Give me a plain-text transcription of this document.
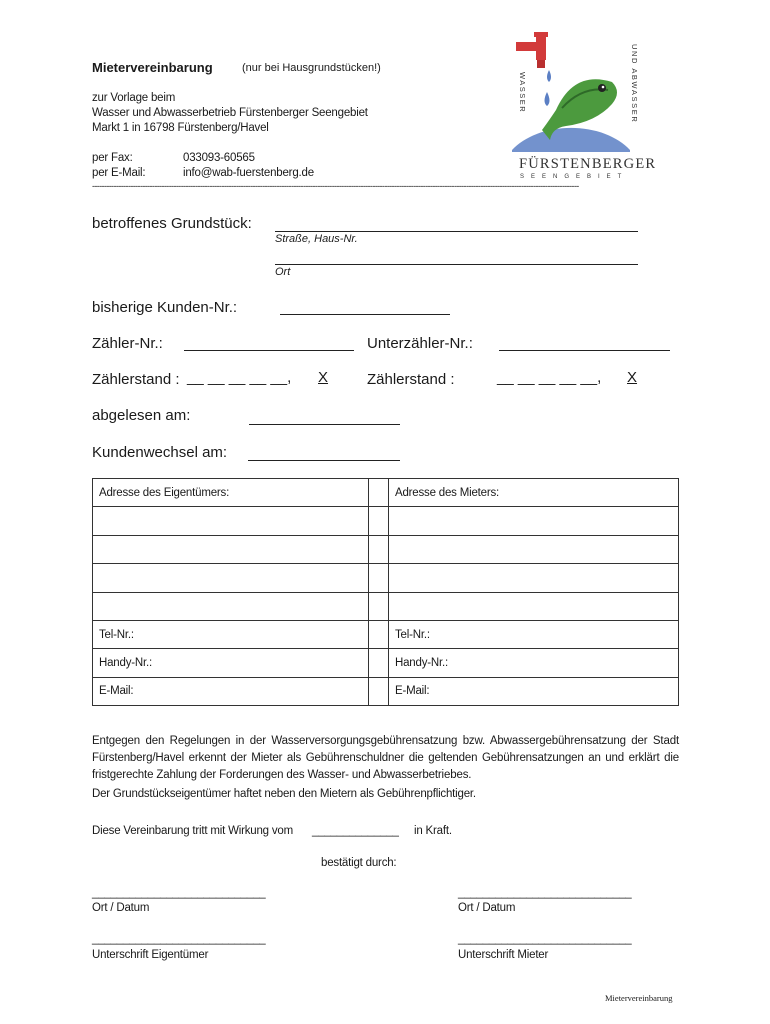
Mietervereinbarung	(nur bei Hausgrundstücken!)
zur Vorlage beim
Wasser und Abwasserbetrieb Fürstenberger Seengebiet
Markt 1 in 16798 Fürstenberg/Havel
per Fax:	033093-60565
per E-Mail:	info@wab-fuerstenberg.de
-----------------------------------------------------------------------------------------------------------------------------------------------------------------------------------------------------------
WASSER	UND ABWASSER
FÜRSTENBERGER
SEENGEBIET
betroffenes Grundstück:
Straße, Haus-Nr.
Ort
bisherige Kunden-Nr.:
Zähler-Nr.:	Unterzähler-Nr.:
Zählerstand : __ __ __ __ __, X	Zählerstand :	__ __ __ __ __, X
abgelesen am:
Kundenwechsel am:
Adresse des Eigentümers:		Adresse des Mieters:

Tel-Nr.:		Tel-Nr.:
Handy-Nr.:		Handy-Nr.:
E-Mail:		E-Mail:
Entgegen den Regelungen in der Wasserversorgungsgebührensatzung bzw. Abwassergebührensatzung der Stadt Fürstenberg/Havel erkennt der Mieter als Gebührenschuldner die geltenden Gebührensatzungen an und erklärt die fristgerechte Zahlung der Forderungen des Wasser- und Abwasserbetriebes.
Der Grundstückseigentümer haftet neben den Mietern als Gebührenpflichtiger.
Diese Vereinbarung tritt mit Wirkung vom ______________ in Kraft.
bestätigt durch:
____________________________
Ort / Datum
____________________________
Ort / Datum
____________________________
Unterschrift Eigentümer
____________________________
Unterschrift Mieter
Mietervereinbarung
